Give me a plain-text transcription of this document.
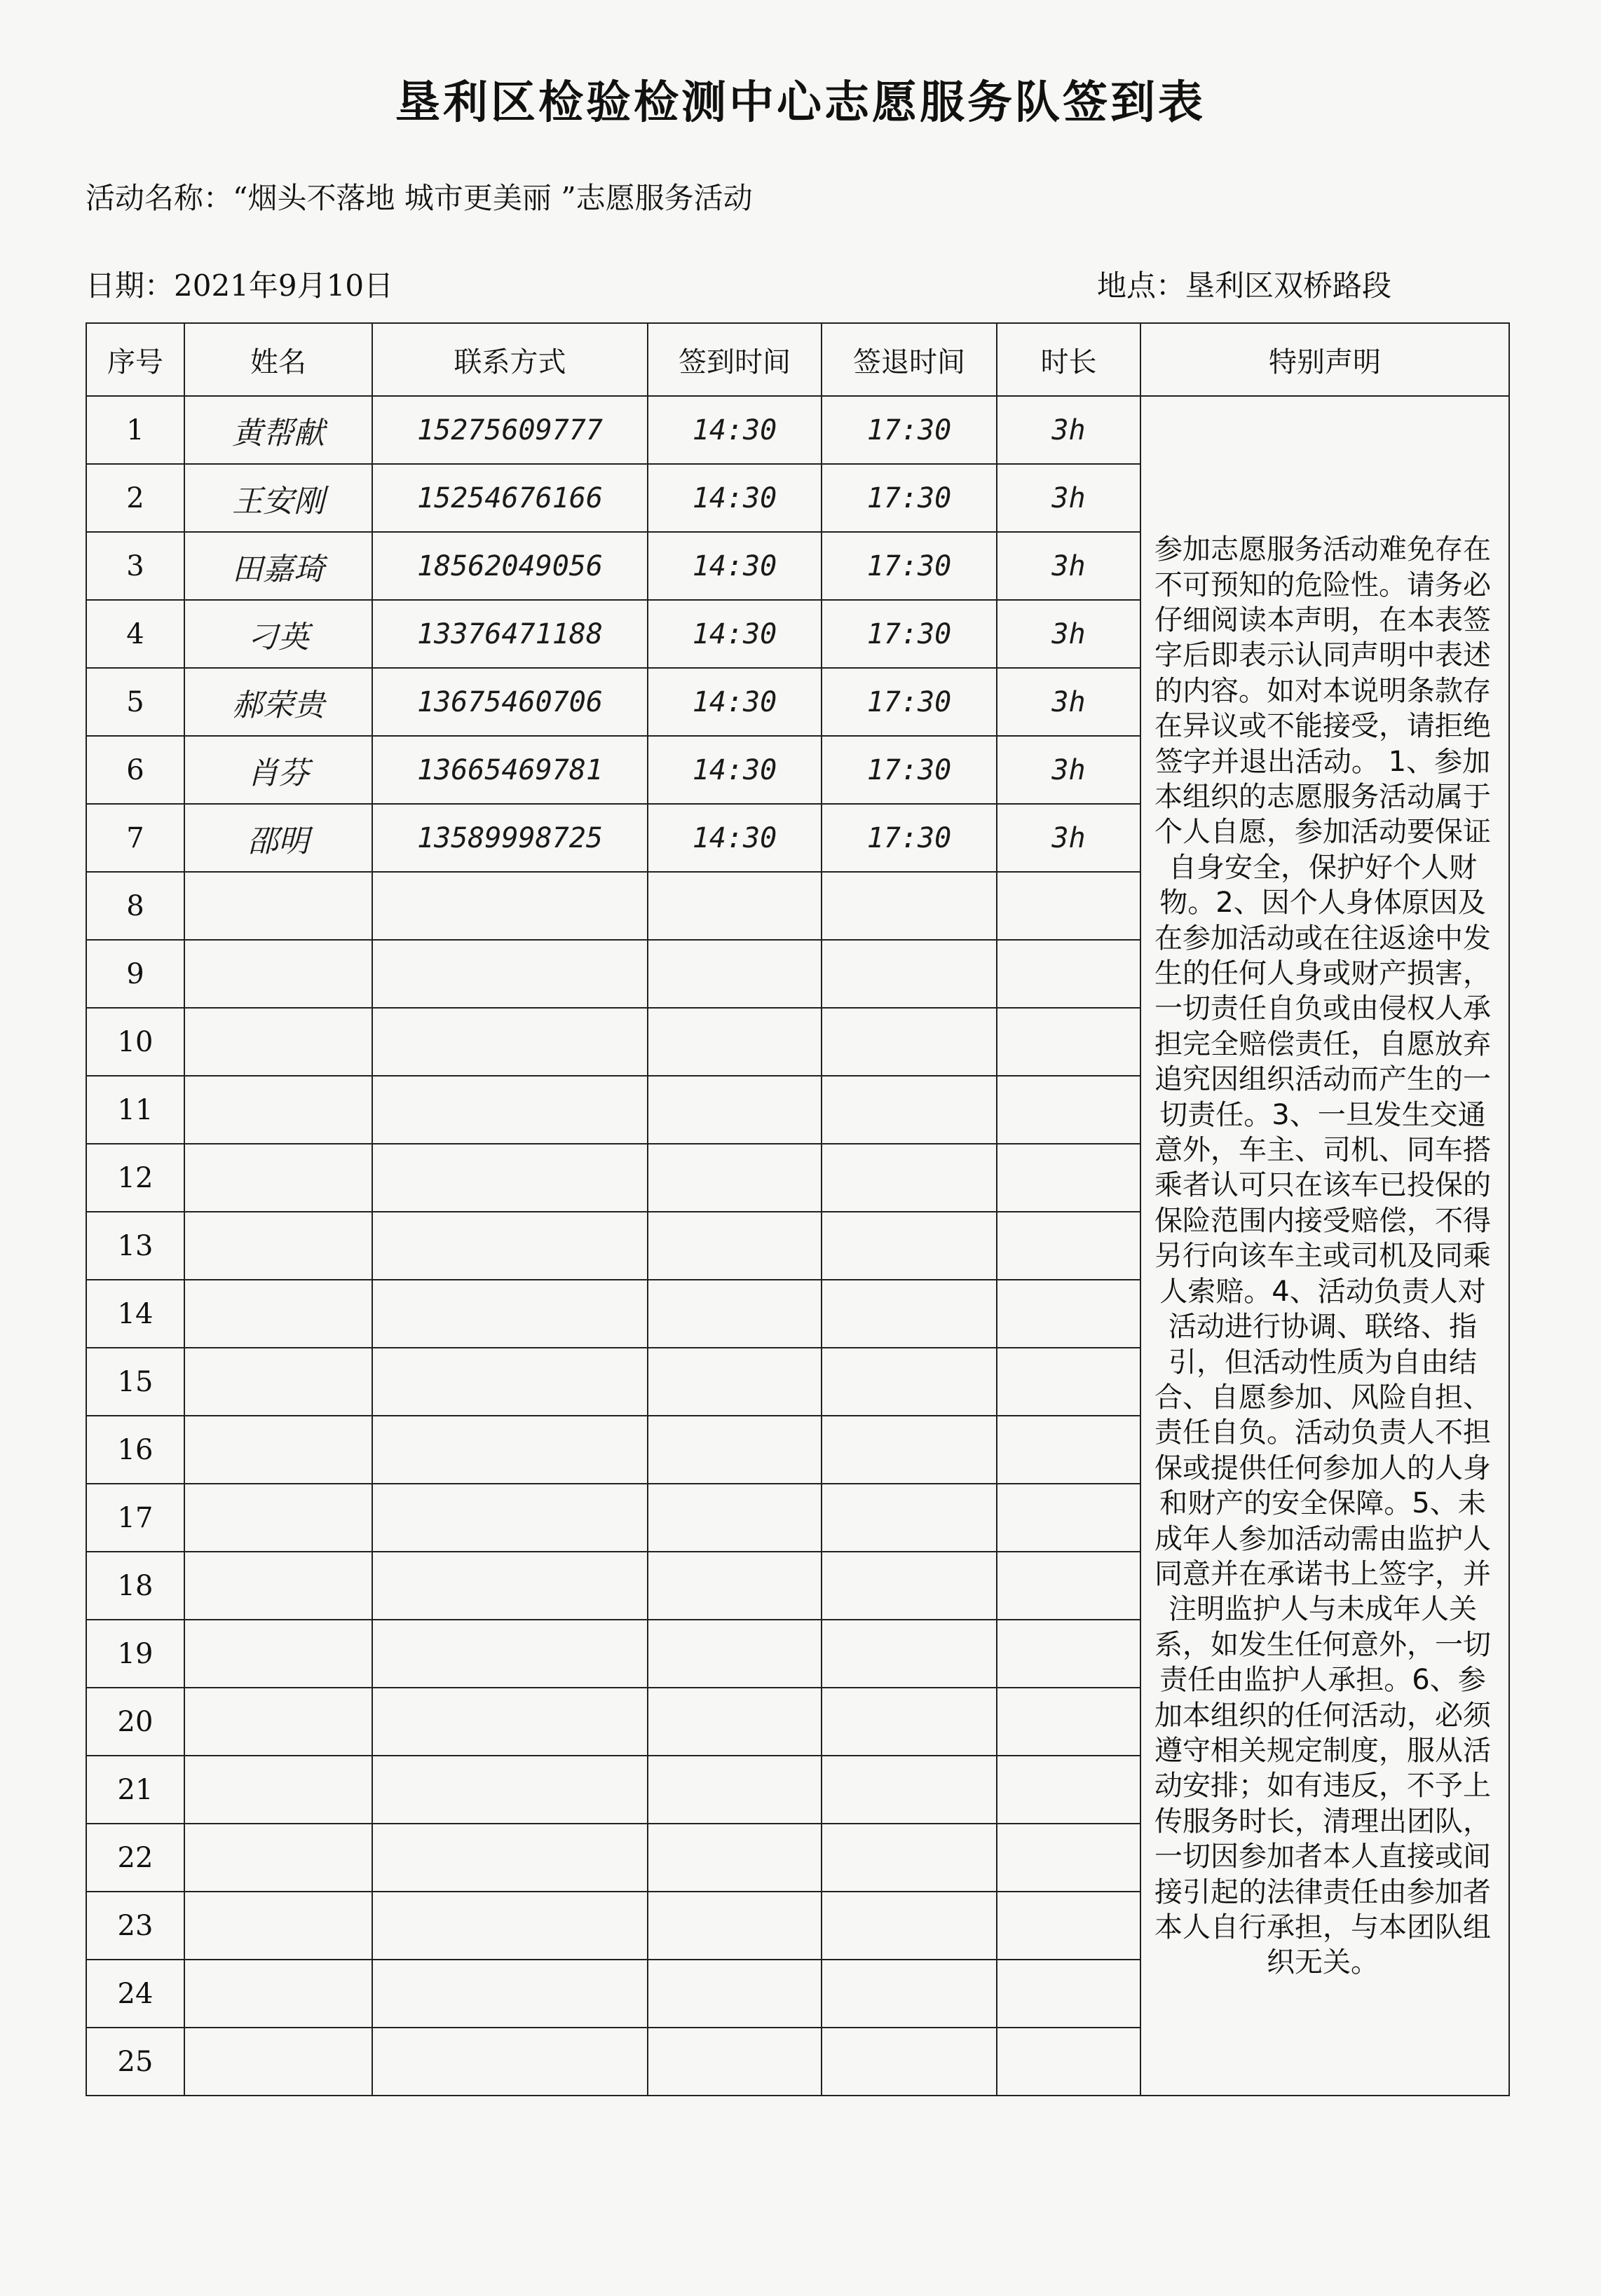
垦利区检验检测中心志愿服务队签到表
活动名称：“烟头不落地 城市更美丽 ”志愿服务活动
日期：2021年9月10日	地点：垦利区双桥路段
序号	姓名	联系方式	签到时间	签退时间	时长	特别声明
1	黄帮献	15275609777	14:30	17:30	3h	参加志愿服务活动难免存在不可预知的危险性。请务必仔细阅读本声明，在本表签字后即表示认同声明中表述的内容。如对本说明条款存在异议或不能接受，请拒绝签字并退出活动。 1、参加本组织的志愿服务活动属于个人自愿，参加活动要保证自身安全，保护好个人财物。2、因个人身体原因及在参加活动或在往返途中发生的任何人身或财产损害，一切责任自负或由侵权人承担完全赔偿责任，自愿放弃追究因组织活动而产生的一切责任。3、一旦发生交通意外，车主、司机、同车搭乘者认可只在该车已投保的保险范围内接受赔偿，不得另行向该车主或司机及同乘人索赔。4、活动负责人对活动进行协调、联络、指引，但活动性质为自由结合、自愿参加、风险自担、责任自负。活动负责人不担保或提供任何参加人的人身和财产的安全保障。5、未成年人参加活动需由监护人同意并在承诺书上签字，并注明监护人与未成年人关系，如发生任何意外，一切责任由监护人承担。6、参加本组织的任何活动，必须遵守相关规定制度，服从活动安排；如有违反，不予上传服务时长，清理出团队，一切因参加者本人直接或间接引起的法律责任由参加者本人自行承担，与本团队组织无关。
2	王安刚	15254676166	14:30	17:30	3h	
3	田嘉琦	18562049056	14:30	17:30	3h	
4	刁英	13376471188	14:30	17:30	3h	
5	郝荣贵	13675460706	14:30	17:30	3h	
6	肖芬	13665469781	14:30	17:30	3h	
7	邵明	13589998725	14:30	17:30	3h	
8						
9						
10						
11						
12						
13						
14						
15						
16						
17						
18						
19						
20						
21						
22						
23						
24						
25						
